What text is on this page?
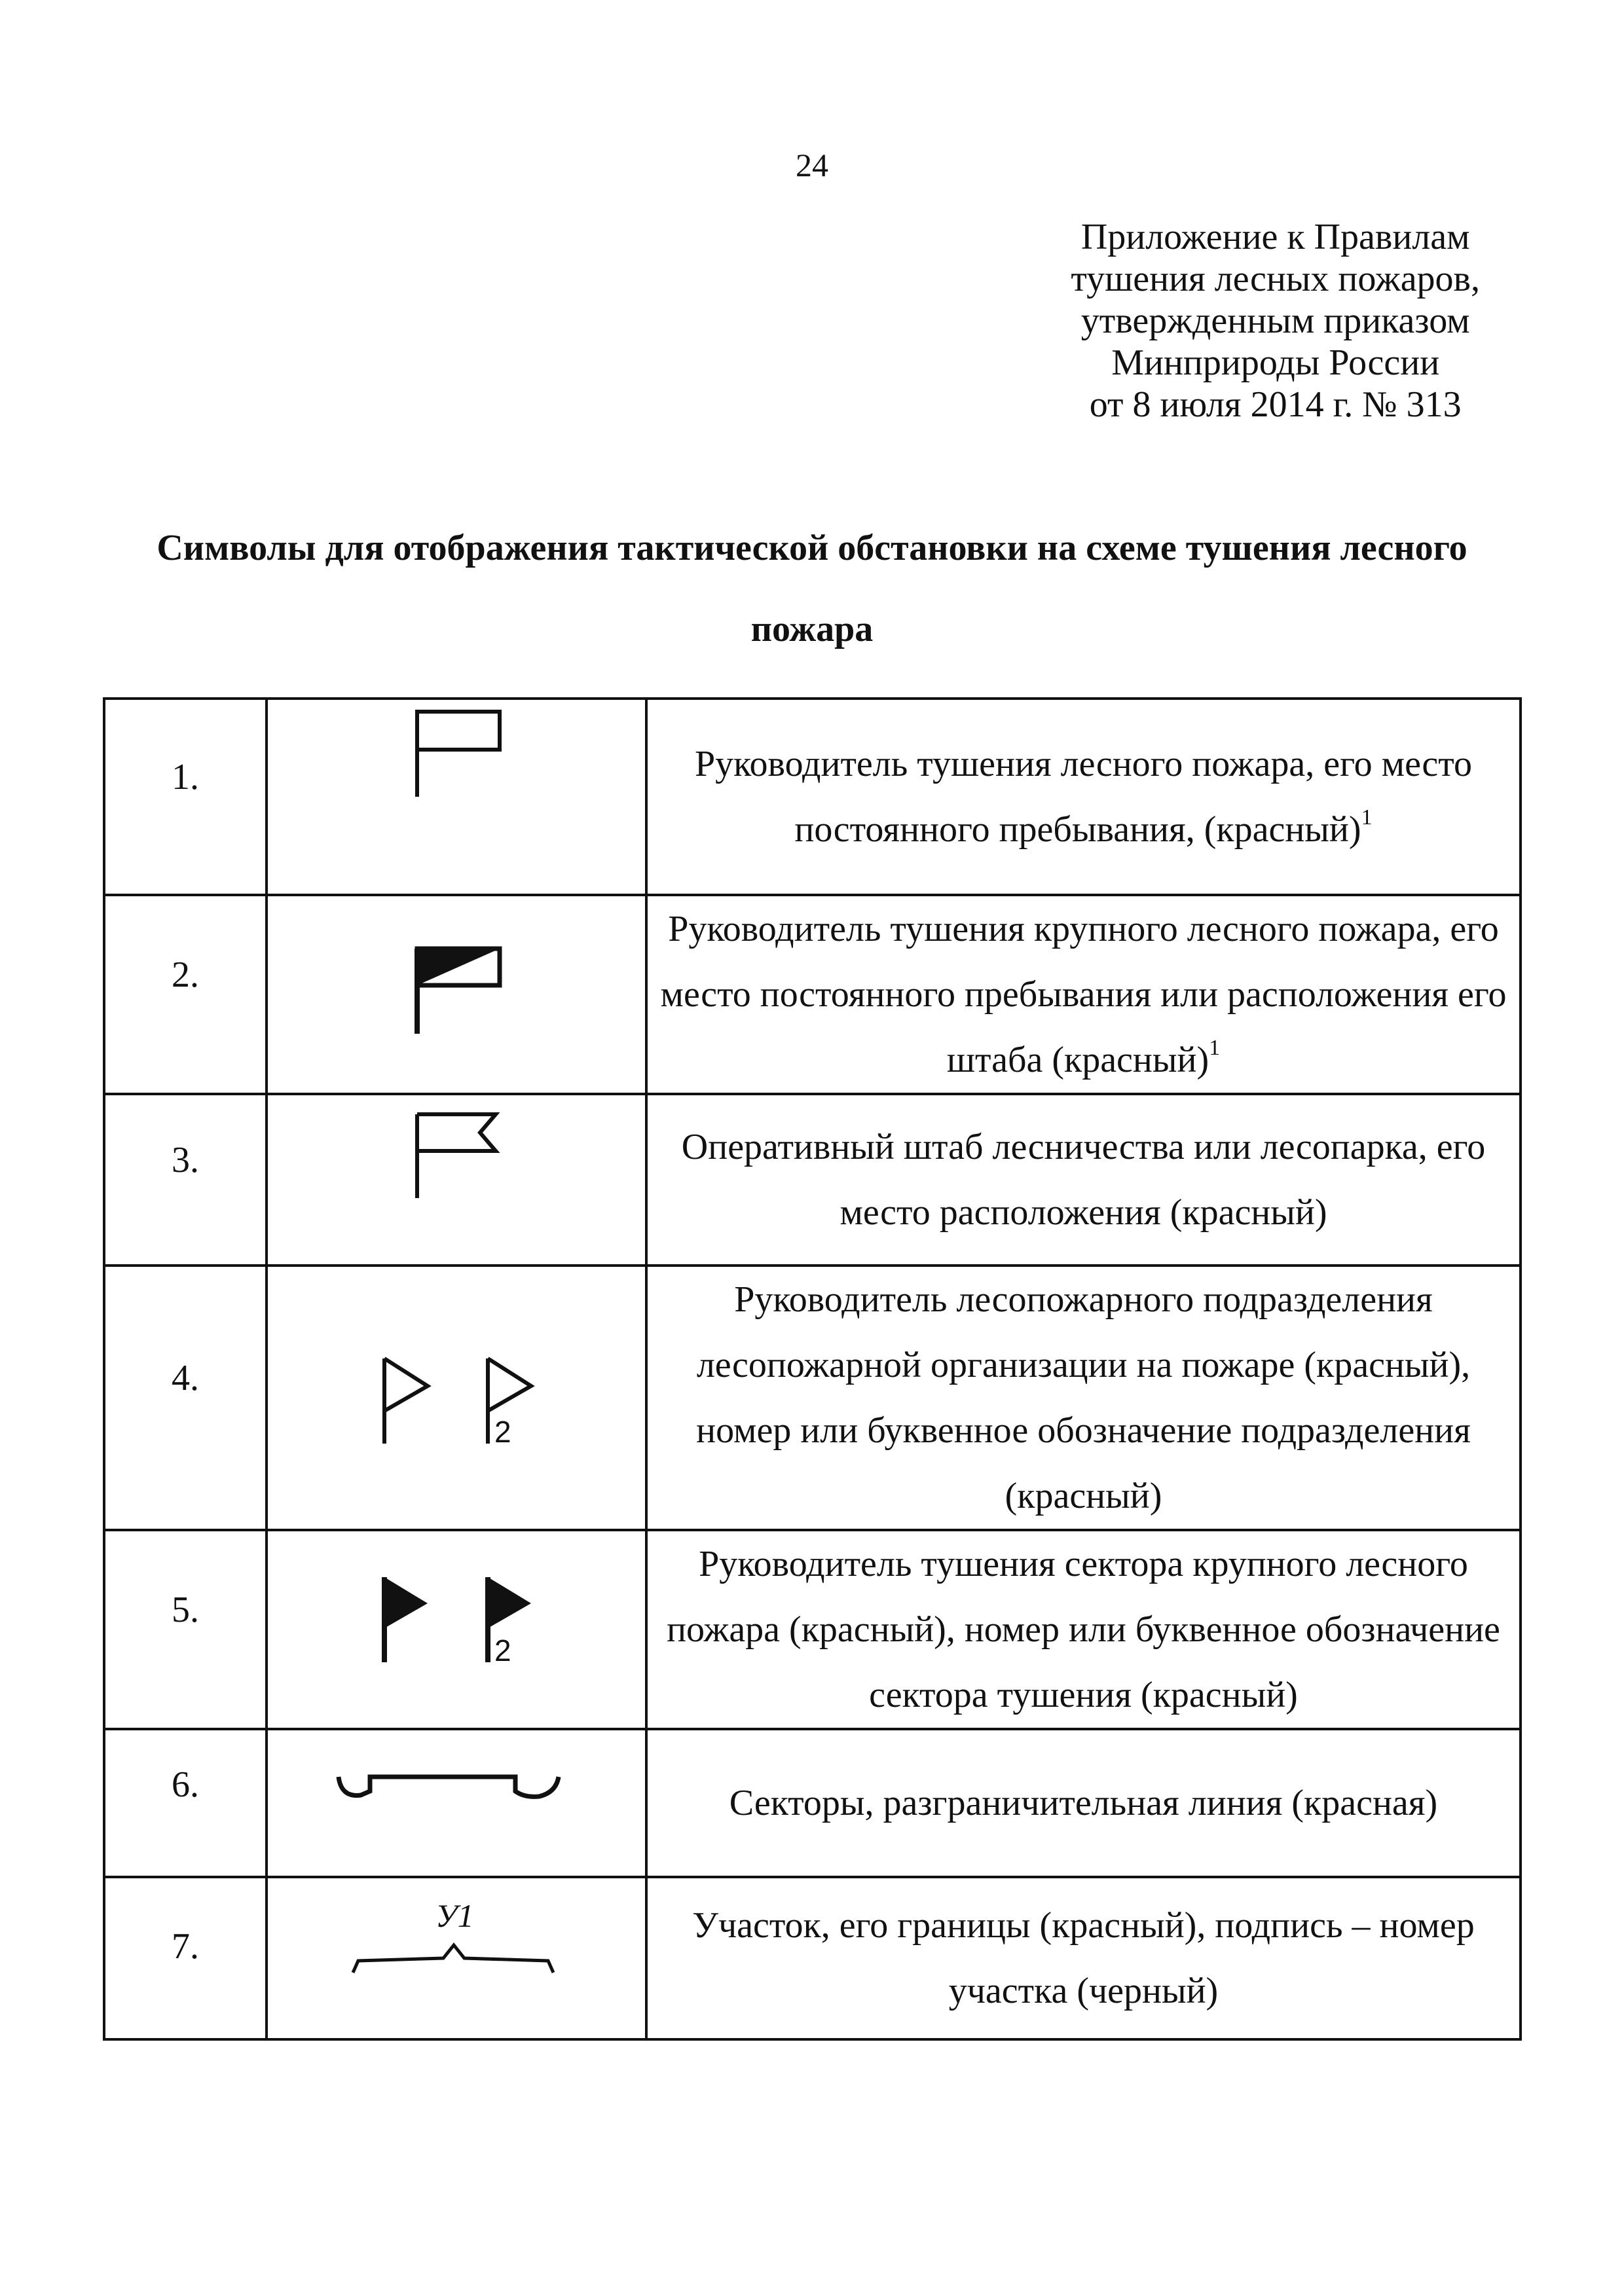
24
Приложение к Правилам
тушения лесных пожаров,
утвержденным приказом
Минприроды России
от 8 июля 2014 г. № 313
Символы для отображения тактической обстановки на схеме тушения лесного
пожара
1.		Руководитель тушения лесного пожара, его место постоянного пребывания, (красный)$^1$
2.		Руководитель тушения крупного лесного пожара, его место постоянного пребывания или расположения его штаба (красный)$^1$
3.		Оперативный штаб лесничества или лесопарка, его место расположения (красный)
4.	2	Руководитель лесопожарного подразделения лесопожарной организации на пожаре (красный), номер или буквенное обозначение подразделения (красный)
5.	2	Руководитель тушения сектора крупного лесного пожара (красный), номер или буквенное обозначение сектора тушения (красный)
6.		Секторы, разграничительная линия (красная)
7.	У1	Участок, его границы (красный), подпись – номер участка (черный)
